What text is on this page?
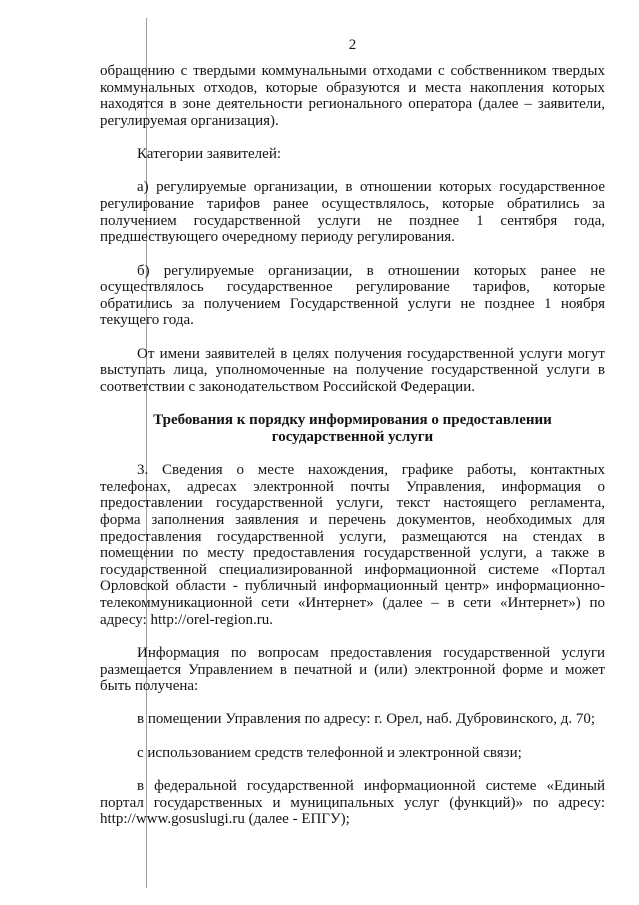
2
обращению с твердыми коммунальными отходами с собственником твердых
коммунальных отходов, которые образуются и места накопления которых
находятся в зоне деятельности регионального оператора (далее – заявители,
регулируемая организация).
Категории заявителей:
а) регулируемые организации, в отношении которых государственное
регулирование тарифов ранее осуществлялось, которые обратились за
получением государственной услуги не позднее 1 сентября года,
предшествующего очередному периоду регулирования.
б) регулируемые организации, в отношении которых ранее не
осуществлялось государственное регулирование тарифов, которые
обратились за получением Государственной услуги не позднее 1 ноября
текущего года.
От имени заявителей в целях получения государственной услуги могут
выступать лица, уполномоченные на получение государственной услуги в
соответствии с законодательством Российской Федерации.
Требования к порядку информирования о предоставлении
государственной услуги
3. Сведения о месте нахождения, графике работы, контактных
телефонах, адресах электронной почты Управления, информация о
предоставлении государственной услуги, текст настоящего регламента,
форма заполнения заявления и перечень документов, необходимых для
предоставления государственной услуги, размещаются на стендах в
помещении по месту предоставления государственной услуги, а также в
государственной специализированной информационной системе «Портал
Орловской области - публичный информационный центр» информационно-
телекоммуникационной сети «Интернет» (далее – в сети «Интернет») по
адресу: http://orel-region.ru.
Информация по вопросам предоставления государственной услуги
размещается Управлением в печатной и (или) электронной форме и может
быть получена:
в помещении Управления по адресу: г. Орел, наб. Дубровинского, д. 70;
с использованием средств телефонной и электронной связи;
в федеральной государственной информационной системе «Единый
портал государственных и муниципальных услуг (функций)» по адресу:
http://www.gosuslugi.ru (далее - ЕПГУ);
